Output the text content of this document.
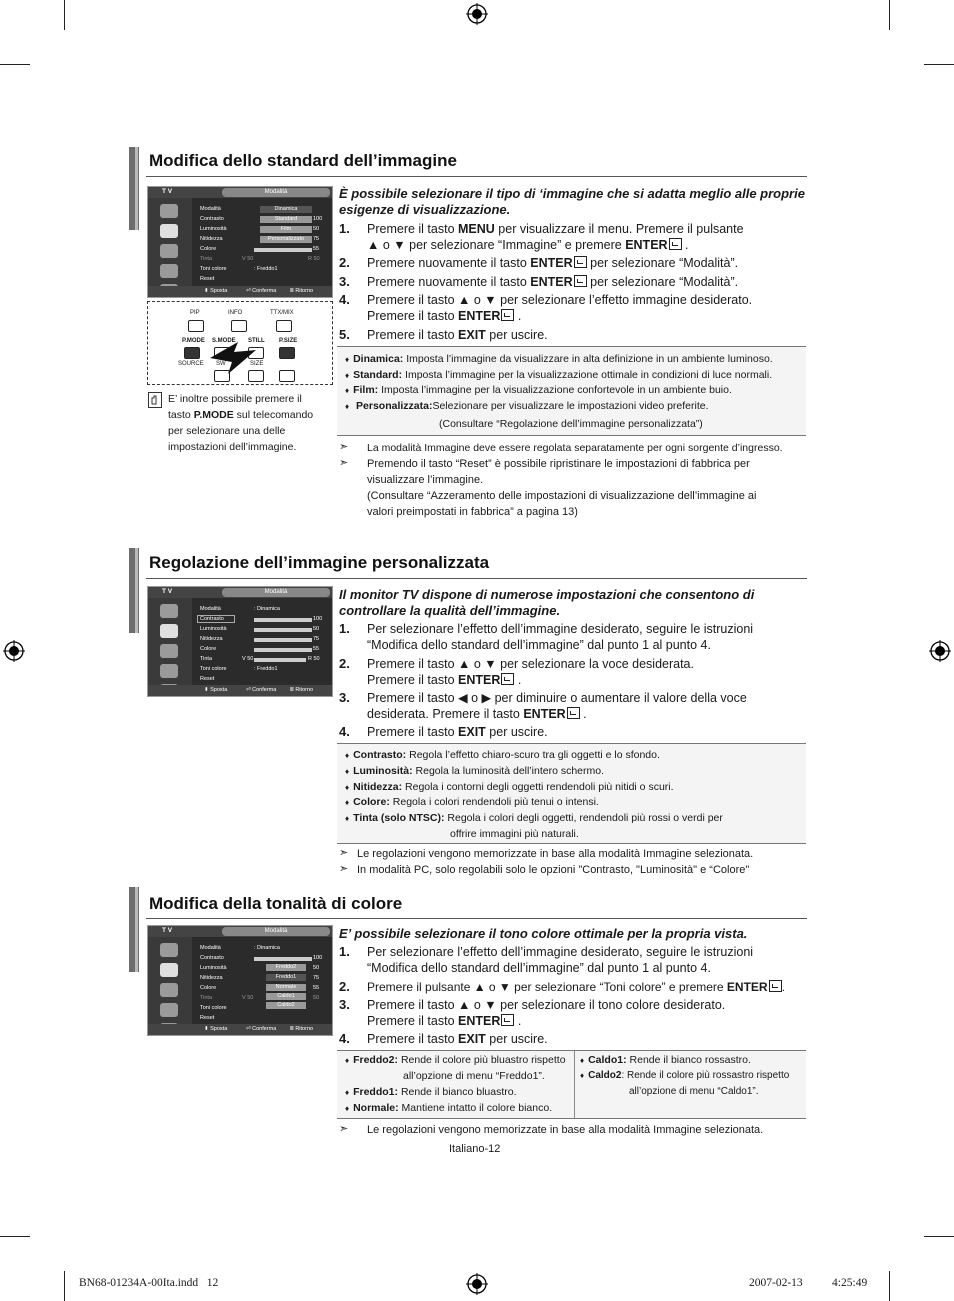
Modifica dello standard dell’immagine
T V	Modalità
Modalità
Contrasto
Luminosità
Nitidezza
Colore
Tinta
Toni colore
Reset
Dinamica
Standard
Film
Personalizzato
V 50
100
50
75
55
R 50
: Freddo1
⬍ Sposta	⏎ Conferma Ⅲ Ritorno
PIP	INFO	TTX/MIX
P.MODE S.MODE STILL P.SIZE
SOURCE SW	SIZE
E’ inoltre possibile premere il
tasto P.MODE sul telecomando
per selezionare una delle
impostazioni dell’immagine.
È possibile selezionare il tipo di ‘immagine che si adatta meglio alle proprie esigenze di visualizzazione.
1. Premere il tasto MENU per visualizzare il menu. Premere il pulsante
▲ o ▼ per selezionare “Immagine” e premere ENTER .
2. Premere nuovamente il tasto ENTER per selezionare “Modalità”.
3. Premere nuovamente il tasto ENTER per selezionare “Modalità”.
4. Premere il tasto ▲ o ▼ per selezionare l’effetto immagine desiderato.
Premere il tasto ENTER .
5. Premere il tasto EXIT per uscire.
♦ Dinamica: Imposta l’immagine da visualizzare in alta definizione in un ambiente luminoso.
♦ Standard: Imposta l’immagine per la visualizzazione ottimale in condizioni di luce normali.
♦ Film: Imposta l’immagine per la visualizzazione confortevole in un ambiente buio.
♦ Personalizzata:Selezionare per visualizzare le impostazioni video preferite.
(Consultare “Regolazione dell’immagine personalizzata”)
➣ La modalità Immagine deve essere regolata separatamente per ogni sorgente d’ingresso.
➣ Premendo il tasto “Reset” è possibile ripristinare le impostazioni di fabbrica per
visualizzare l’immagine.
(Consultare “Azzeramento delle impostazioni di visualizzazione dell’immagine ai
valori preimpostati in fabbrica” a pagina 13)
Regolazione dell’immagine personalizzata
T V	Modalità
Modalità
Contrasto
Luminosità
Nitidezza
Colore
Tinta
Toni colore
Reset
: Dinamica
V 50
100
50
75
55
R 50
: Freddo1
⬍ Sposta	⏎ Conferma Ⅲ Ritorno
Il monitor TV dispone di numerose impostazioni che consentono di controllare la qualità dell’immagine.
1. Per selezionare l’effetto dell’immagine desiderato, seguire le istruzioni
“Modifica dello standard dell’immagine” dal punto 1 al punto 4.
2. Premere il tasto ▲ o ▼ per selezionare la voce desiderata.
Premere il tasto ENTER .
3. Premere il tasto ◀ o ▶ per diminuire o aumentare il valore della voce
desiderata. Premere il tasto ENTER .
4. Premere il tasto EXIT per uscire.
♦ Contrasto: Regola l’effetto chiaro-scuro tra gli oggetti e lo sfondo.
♦ Luminosità: Regola la luminosità dell’intero schermo.
♦ Nitidezza: Regola i contorni degli oggetti rendendoli più nitidi o scuri.
♦ Colore: Regola i colori rendendoli più tenui o intensi.
♦ Tinta (solo NTSC): Regola i colori degli oggetti, rendendoli più rossi o verdi per
offrire immagini più naturali.
➣ Le regolazioni vengono memorizzate in base alla modalità Immagine selezionata.
➣ In modalità PC, solo regolabili solo le opzioni "Contrasto, "Luminosità" e “Colore"
Modifica della tonalità di colore
T V	Modalità
Modalità
Contrasto
Luminosità
Nitidezza
Colore
Tinta
Toni colore
Reset
: Dinamica
Freddo2
Freddo1
Normale
Caldo1
Caldo2
V 50
100
50
75
55
50
⬍ Sposta	⏎ Conferma Ⅲ Ritorno
E’ possibile selezionare il tono colore ottimale per la propria vista.
1. Per selezionare l’effetto dell’immagine desiderato, seguire le istruzioni
“Modifica dello standard dell’immagine” dal punto 1 al punto 4.
2. Premere il pulsante ▲ o ▼ per selezionare “Toni colore” e premere ENTER .
3. Premere il tasto ▲ o ▼ per selezionare il tono colore desiderato.
Premere il tasto ENTER .
4. Premere il tasto EXIT per uscire.
♦ Freddo2: Rende il colore più bluastro rispetto
all’opzione di menu “Freddo1”.
♦ Freddo1: Rende il bianco bluastro.
♦ Normale: Mantiene intatto il colore bianco.
♦ Caldo1: Rende il bianco rossastro.
♦ Caldo2: Rende il colore più rossastro rispetto
all’opzione di menu “Caldo1”.
➣ Le regolazioni vengono memorizzate in base alla modalità Immagine selezionata.
Italiano-12
BN68-01234A-00Ita.indd   12	2007-02-13   ￿￿ 4:25:49
